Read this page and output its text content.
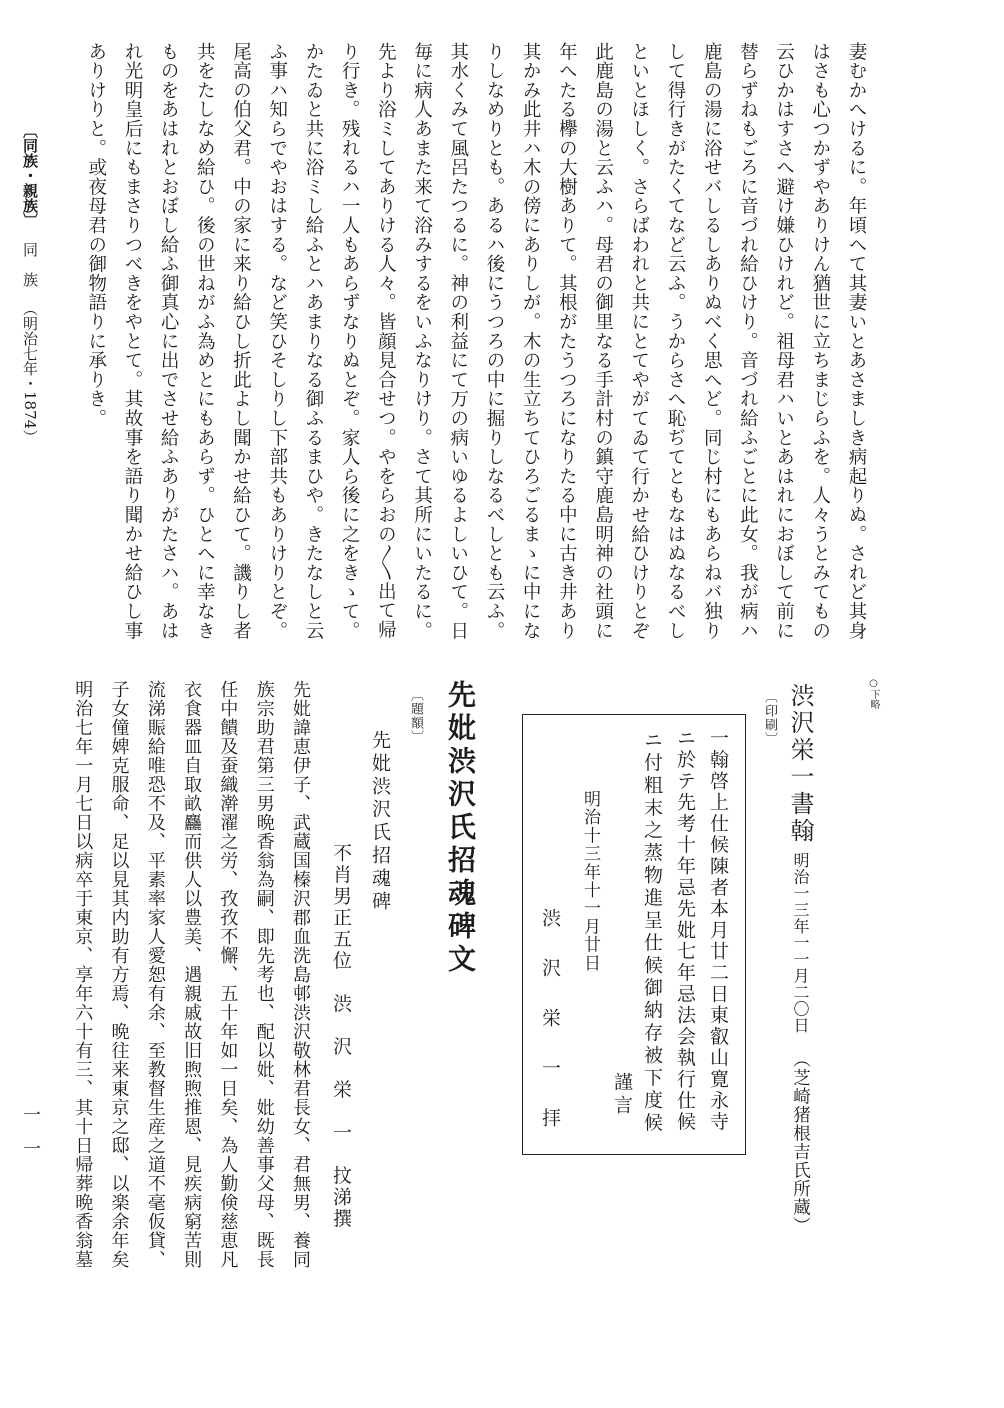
〔同族・親族〕同　族（明治七年・1874）
一一
妻むかへけるに。年頃へて其妻いとあさましき病起りぬ。されど其身
はさも心つかずやありけん猶世に立ちまじらふを。人々うとみてもの
云ひかはすさへ避け嫌ひけれど。祖母君ハいとあはれにおぼして前に
替らずねもごろに音づれ給ひけり。音づれ給ふごとに此女。我が病ハ
鹿島の湯に浴せバしるしありぬべく思へど。同じ村にもあらねバ独り
して得行きがたくてなど云ふ。うからさへ恥ぢてともなはぬなるべし
といとほしく。さらばわれと共にとてやがてゐて行かせ給ひけりとぞ
此鹿島の湯と云ふハ。母君の御里なる手計村の鎮守鹿島明神の社頭に
年へたる欅の大樹ありて。其根がたうつろになりたる中に古き井あり
其かみ此井ハ木の傍にありしが。木の生立ちてひろごるまゝに中にな
りしなめりとも。あるハ後にうつろの中に掘りしなるべしとも云ふ。
其水くみて風呂たつるに。神の利益にて万の病いゆるよしいひて。日
毎に病人あまた来て浴みするをいふなりけり。さて其所にいたるに。
先より浴ミしてありける人々。皆顔見合せつ。やをらおの〳〵出て帰
り行き。残れるハ一人もあらずなりぬとぞ。家人ら後に之をきゝて。
かたゐと共に浴ミし給ふとハあまりなる御ふるまひや。きたなしと云
ふ事ハ知らでやおはする。など笑ひそしりし下部共もありけりとぞ。
尾高の伯父君。中の家に来り給ひし折此よし聞かせ給ひて。譏りし者
共をたしなめ給ひ。後の世ねがふ為めとにもあらず。ひとへに幸なき
ものをあはれとおぼし給ふ御真心に出でさせ給ふありがたさハ。あは
れ光明皇后にもまさりつべきをやとて。其故事を語り聞かせ給ひし事
ありけりと。或夜母君の御物語りに承りき。
○下略
渋沢栄一書翰
明治一三年一一月二〇日
（芝崎猪根吉氏所蔵）
〔印刷〕
一翰啓上仕候陳者本月廿二日東叡山寛永寺
ニ於テ先考十年忌先妣七年忌法会執行仕候
ニ付粗末之蒸物進呈仕候御納存被下度候
謹言
明治十三年十一月廿日
渋　沢　栄　一　拝
先妣渋沢氏招魂碑文
〔題額〕
先妣渋沢氏招魂碑
不肖男正五位　渋　沢　栄　一　抆涕撰
先妣諱恵伊子、武蔵国榛沢郡血洗島邨渋沢敬林君長女、君無男、養同
族宗助君第三男晩香翁為嗣、即先考也、配以妣、妣幼善事父母、既長
任中饋及蚕織澣濯之労、孜孜不懈、五十年如一日矣、為人勤倹慈恵凡
衣食器皿自取畝麤而供人以豊美、遇親戚故旧煦煦推恩、見疾病窮苦則
流涕賑給唯恐不及、平素率家人愛恕有余、至教督生産之道不毫仮貸、
子女僮婢克服命、足以見其内助有方焉、晩往来東京之邸、以楽余年矣
明治七年一月七日以病卒于東京、享年六十有三、其十日帰葬晩香翁墓
